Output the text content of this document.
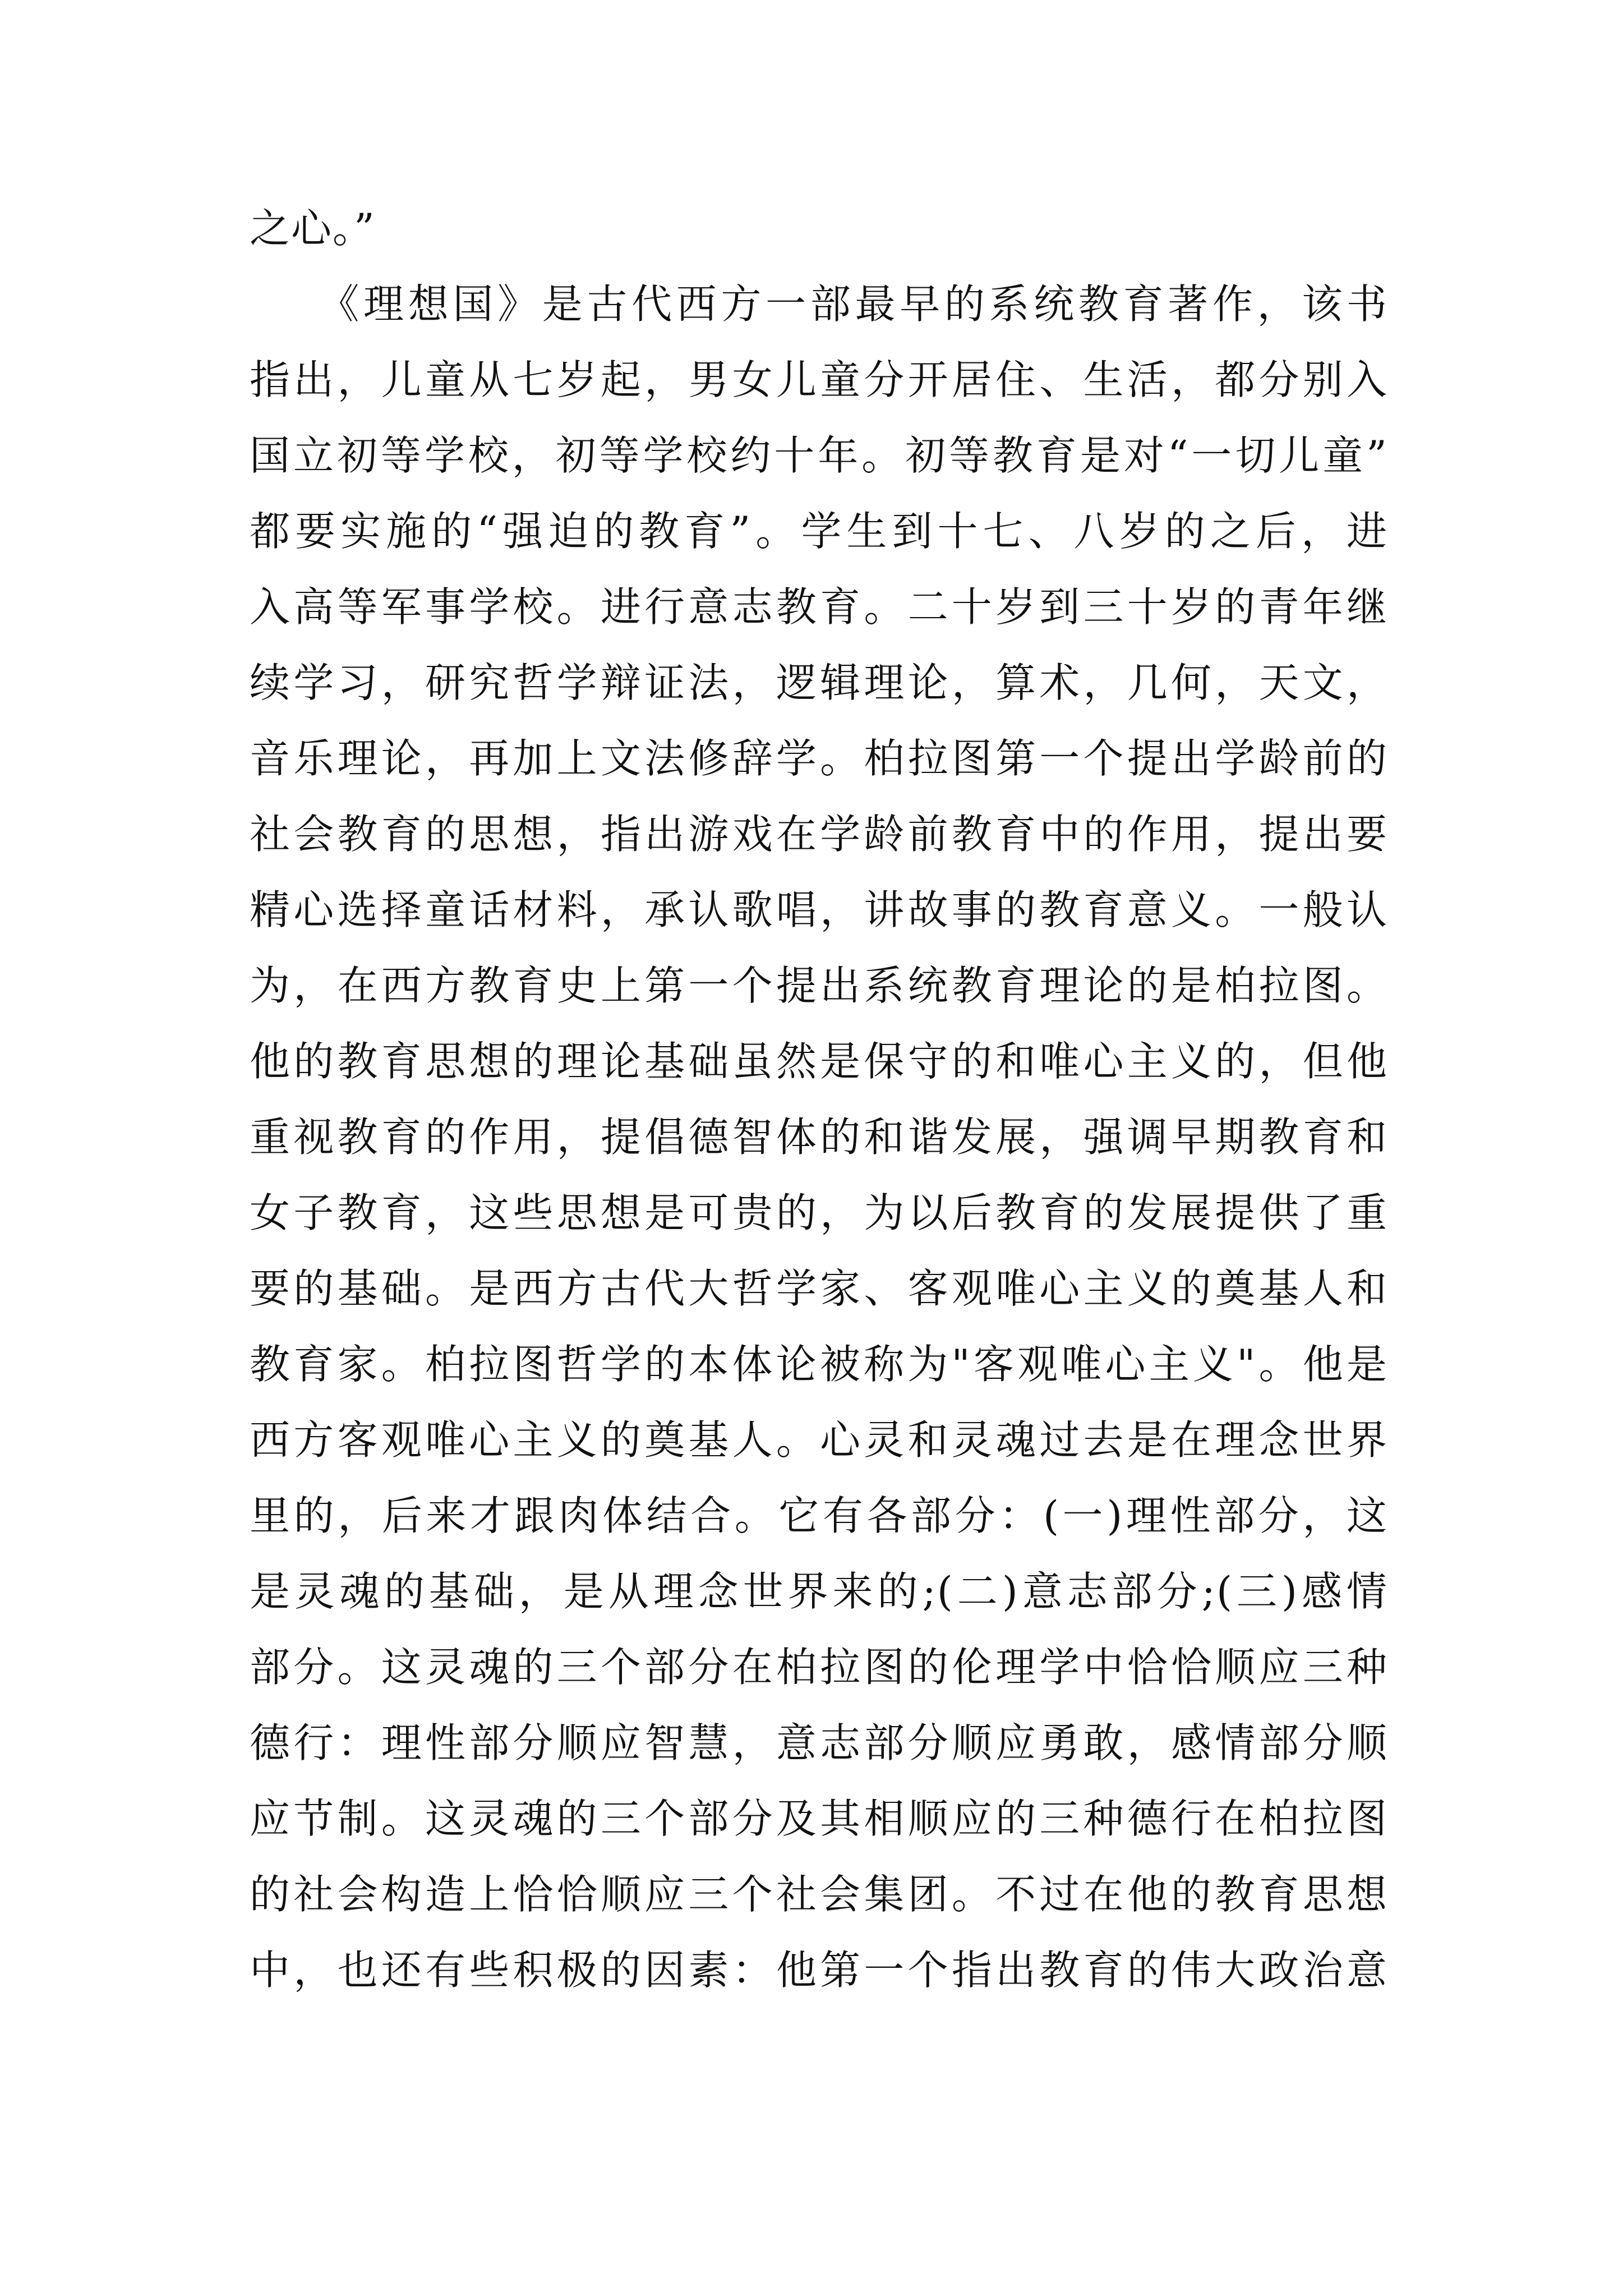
之心。”
　　《理想国》是古代西方一部最早的系统教育著作，该书
指出，儿童从七岁起，男女儿童分开居住、生活，都分别入
国立初等学校，初等学校约十年。初等教育是对“一切儿童”
都要实施的“强迫的教育”。学生到十七、八岁的之后，进
入高等军事学校。进行意志教育。二十岁到三十岁的青年继
续学习，研究哲学辩证法，逻辑理论，算术，几何，天文，
音乐理论，再加上文法修辞学。柏拉图第一个提出学龄前的
社会教育的思想，指出游戏在学龄前教育中的作用，提出要
精心选择童话材料，承认歌唱，讲故事的教育意义。一般认
为，在西方教育史上第一个提出系统教育理论的是柏拉图。
他的教育思想的理论基础虽然是保守的和唯心主义的，但他
重视教育的作用，提倡德智体的和谐发展，强调早期教育和
女子教育，这些思想是可贵的，为以后教育的发展提供了重
要的基础。是西方古代大哲学家、客观唯心主义的奠基人和
教育家。柏拉图哲学的本体论被称为"客观唯心主义"。他是
西方客观唯心主义的奠基人。心灵和灵魂过去是在理念世界
里的，后来才跟肉体结合。它有各部分：(一)理性部分，这
是灵魂的基础，是从理念世界来的;(二)意志部分;(三)感情
部分。这灵魂的三个部分在柏拉图的伦理学中恰恰顺应三种
德行：理性部分顺应智慧，意志部分顺应勇敢，感情部分顺
应节制。这灵魂的三个部分及其相顺应的三种德行在柏拉图
的社会构造上恰恰顺应三个社会集团。不过在他的教育思想
中，也还有些积极的因素：他第一个指出教育的伟大政治意
